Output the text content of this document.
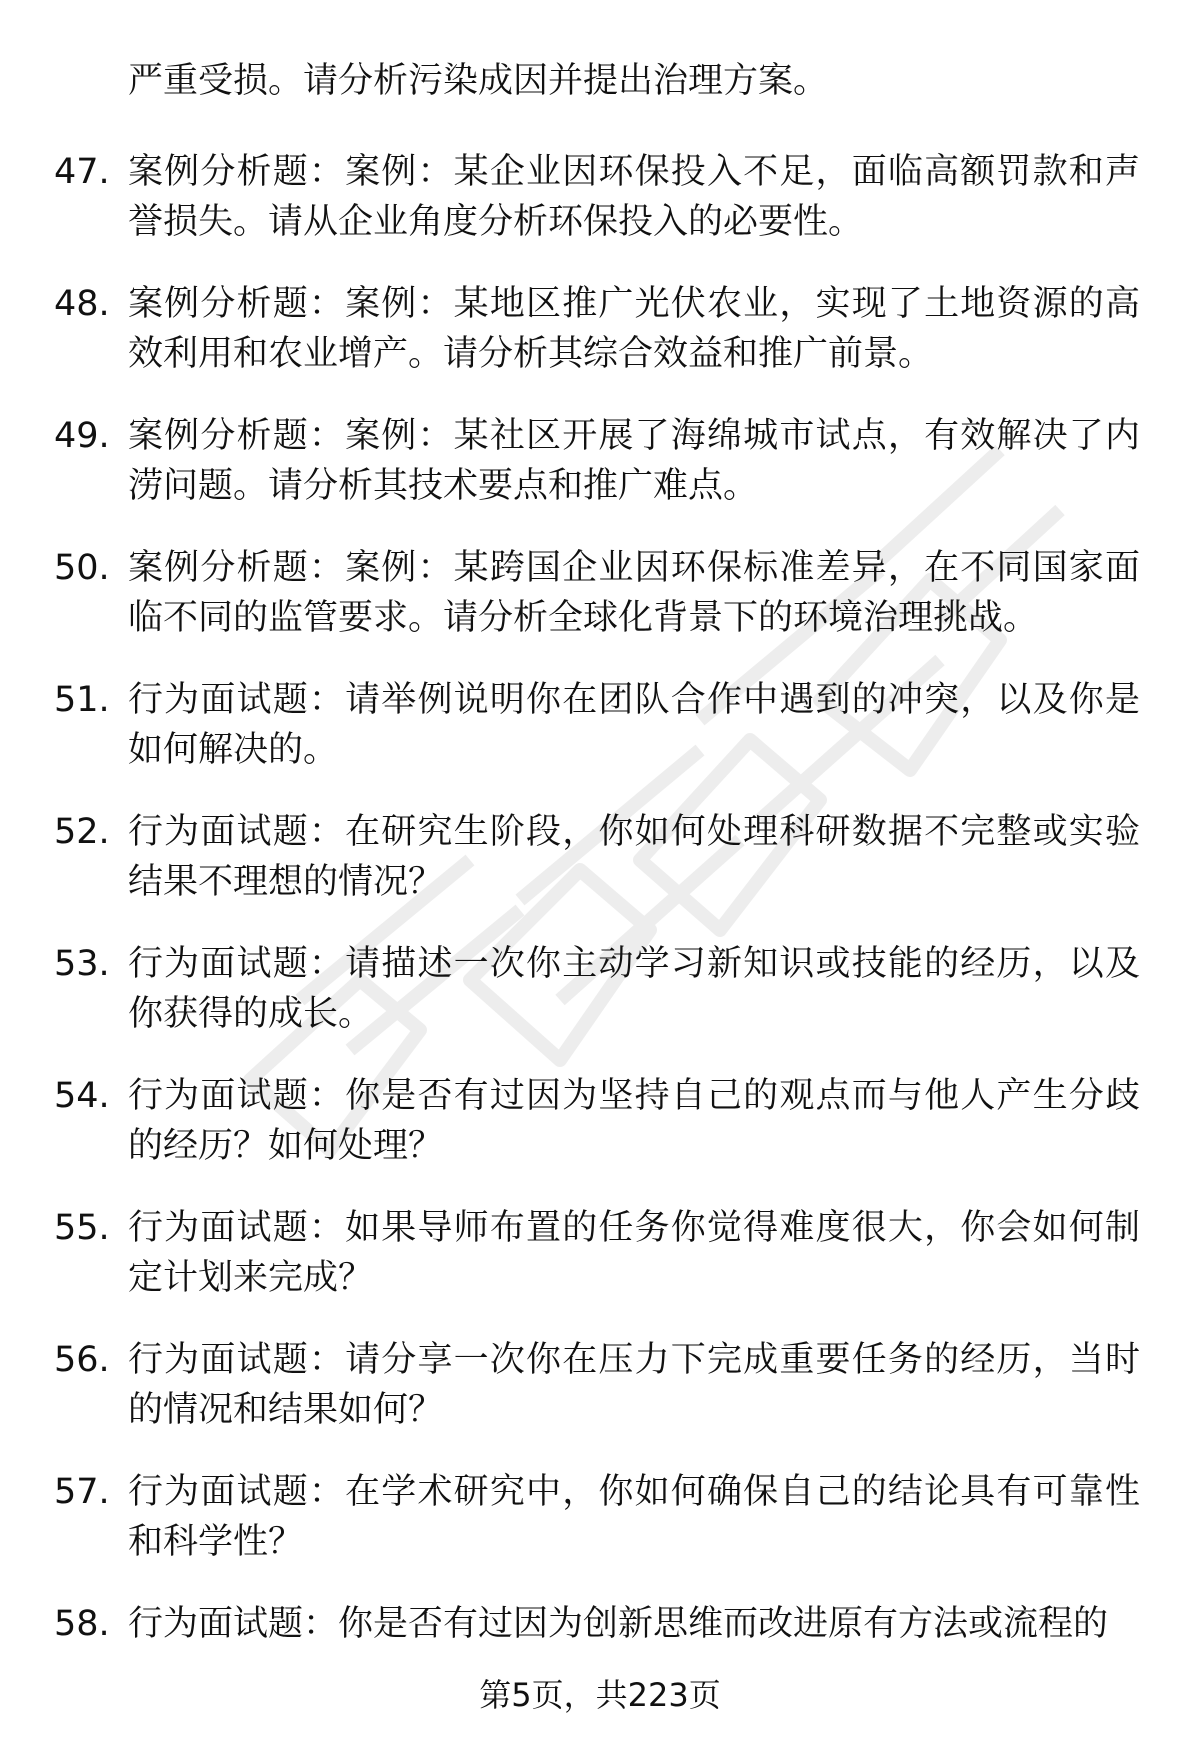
严重受损。请分析污染成因并提出治理方案。

47. 案例分析题：案例：某企业因环保投入不足，面临高额罚款和声誉损失。请从企业角度分析环保投入的必要性。
48. 案例分析题：案例：某地区推广光伏农业，实现了土地资源的高效利用和农业增产。请分析其综合效益和推广前景。
49. 案例分析题：案例：某社区开展了海绵城市试点，有效解决了内涝问题。请分析其技术要点和推广难点。
50. 案例分析题：案例：某跨国企业因环保标准差异，在不同国家面临不同的监管要求。请分析全球化背景下的环境治理挑战。
51. 行为面试题：请举例说明你在团队合作中遇到的冲突，以及你是如何解决的。
52. 行为面试题：在研究生阶段，你如何处理科研数据不完整或实验结果不理想的情况？
53. 行为面试题：请描述一次你主动学习新知识或技能的经历，以及你获得的成长。
54. 行为面试题：你是否有过因为坚持自己的观点而与他人产生分歧的经历？如何处理？
55. 行为面试题：如果导师布置的任务你觉得难度很大，你会如何制定计划来完成？
56. 行为面试题：请分享一次你在压力下完成重要任务的经历，当时的情况和结果如何？
57. 行为面试题：在学术研究中，你如何确保自己的结论具有可靠性和科学性？
58. 行为面试题：你是否有过因为创新思维而改进原有方法或流程的
第5页，共223页
